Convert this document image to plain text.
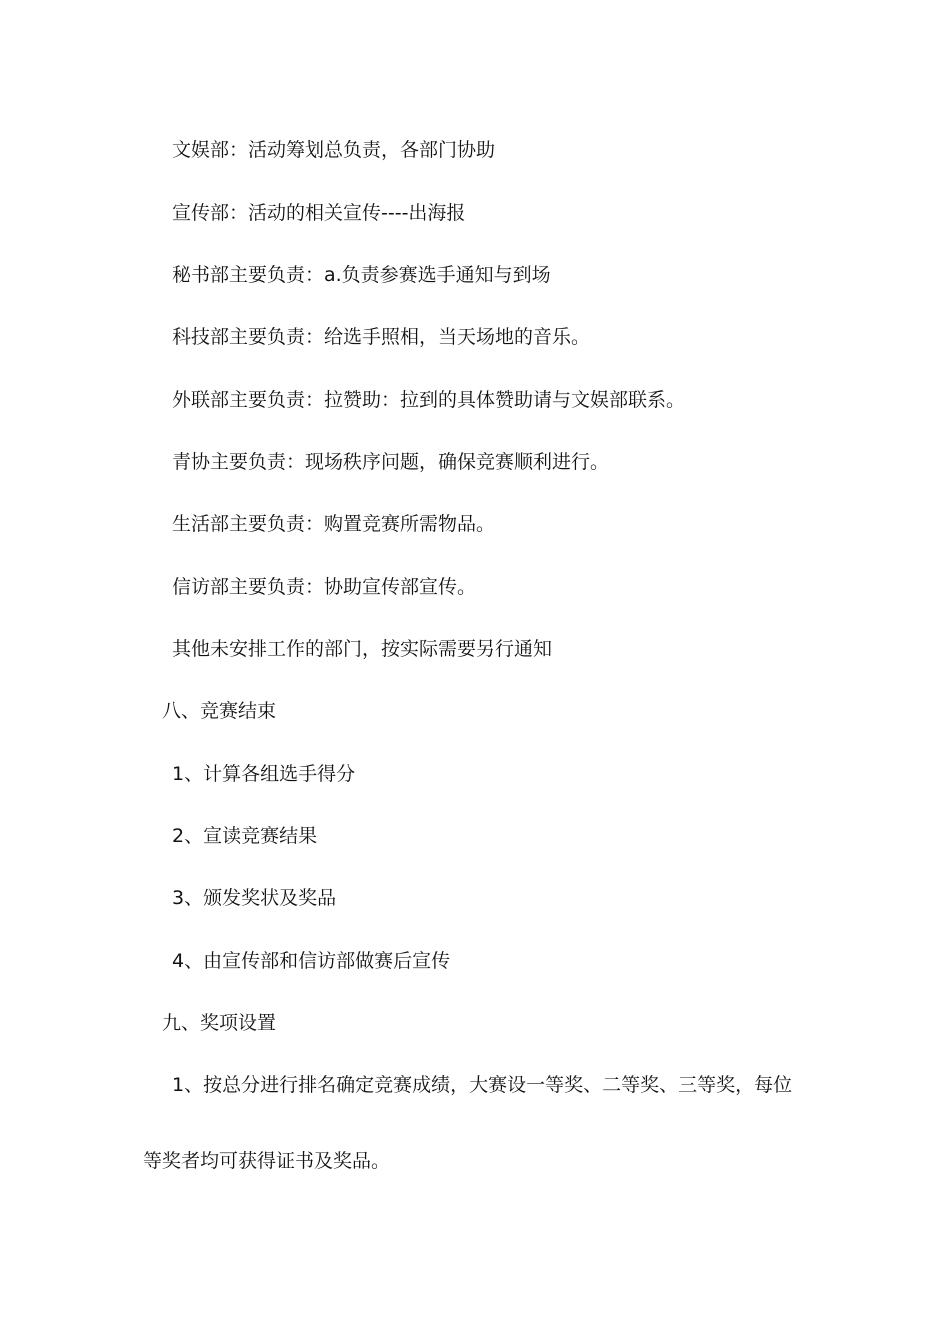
文娱部：活动筹划总负责，各部门协助

宣传部：活动的相关宣传----出海报

秘书部主要负责：a.负责参赛选手通知与到场

科技部主要负责：给选手照相，当天场地的音乐。

外联部主要负责：拉赞助：拉到的具体赞助请与文娱部联系。

青协主要负责：现场秩序问题，确保竞赛顺利进行。

生活部主要负责：购置竞赛所需物品。

信访部主要负责：协助宣传部宣传。

其他未安排工作的部门，按实际需要另行通知

八、竞赛结束

1、计算各组选手得分

2、宣读竞赛结果

3、颁发奖状及奖品

4、由宣传部和信访部做赛后宣传

九、奖项设置

1、按总分进行排名确定竞赛成绩，大赛设一等奖、二等奖、三等奖，每位

等奖者均可获得证书及奖品。
